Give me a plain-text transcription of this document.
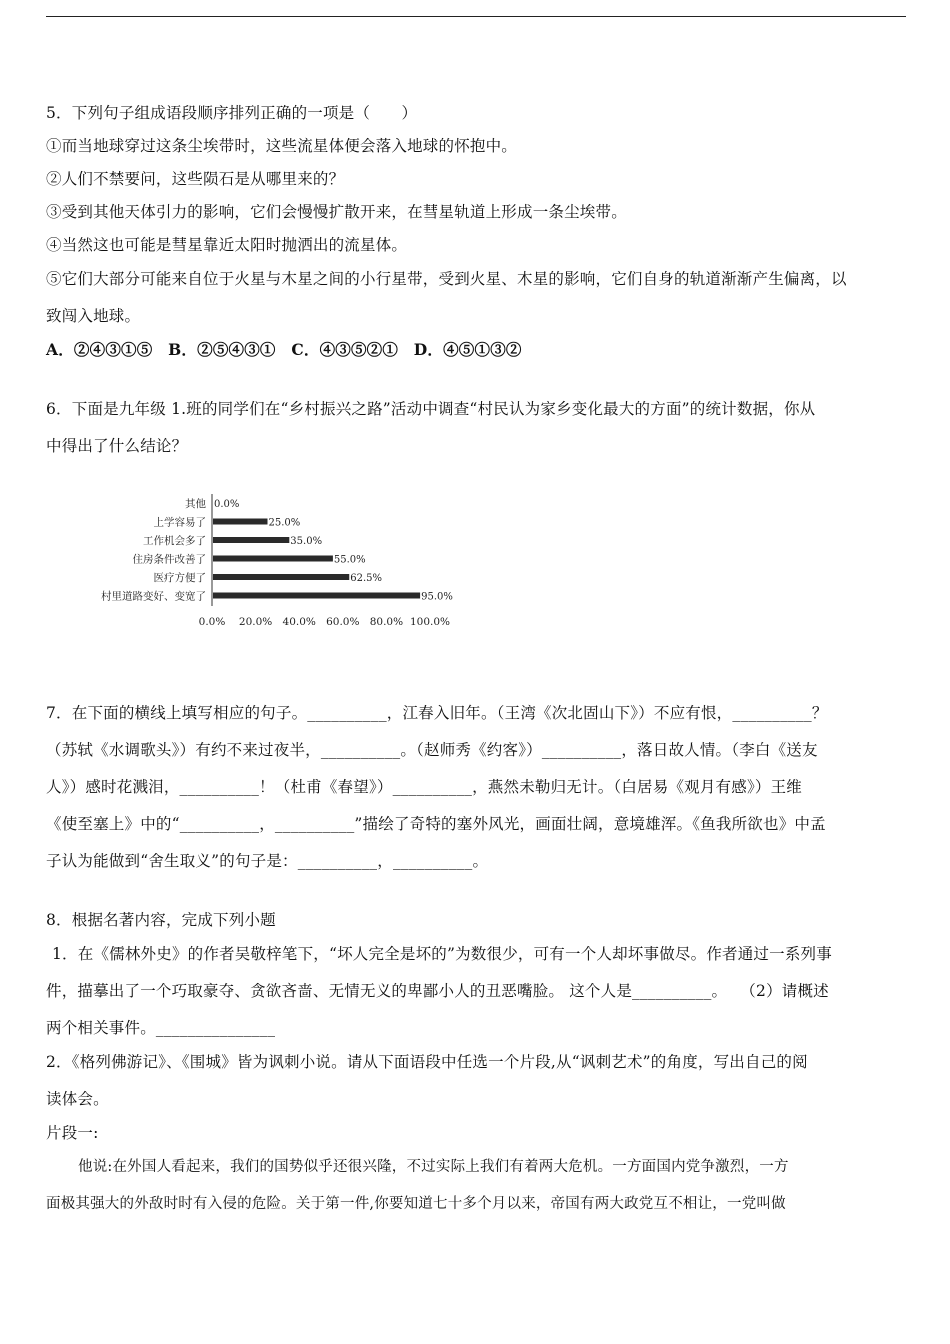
5．下列句子组成语段顺序排列正确的一项是（　　）
①而当地球穿过这条尘埃带时，这些流星体便会落入地球的怀抱中。
②人们不禁要问，这些陨石是从哪里来的？
③受到其他天体引力的影响，它们会慢慢扩散开来，在彗星轨道上形成一条尘埃带。
④当然这也可能是彗星靠近太阳时抛洒出的流星体。
⑤它们大部分可能来自位于火星与木星之间的小行星带，受到火星、木星的影响，它们自身的轨道渐渐产生偏离，以
致闯入地球。
A．②④③①⑤　B．②⑤④③①　C．④③⑤②①　D．④⑤①③②
6．下面是九年级 1.班的同学们在“乡村振兴之路”活动中调查“村民认为家乡变化最大的方面”的统计数据，你从
中得出了什么结论？
其他 0.0%
上学容易了	25.0%
工作机会多了	35.0%
住房条件改善了	55.0%
医疗方便了	62.5%
村里道路变好、变宽了	95.0%
0.0% 20.0% 40.0% 60.0% 80.0% 100.0%
7．在下面的横线上填写相应的句子。__________，江春入旧年。（王湾《次北固山下》）不应有恨，__________？
（苏轼《水调歌头》）有约不来过夜半，__________。（赵师秀《约客》）__________，落日故人情。（李白《送友
人》）感时花溅泪，__________！（杜甫《春望》）__________，燕然未勒归无计。（白居易《观月有感》）王维
《使至塞上》中的“__________，__________”描绘了奇特的塞外风光，画面壮阔，意境雄浑。《鱼我所欲也》中孟
子认为能做到“舍生取义”的句子是：__________，__________。
8．根据名著内容，完成下列小题
1．在《儒林外史》的作者吴敬梓笔下，“坏人完全是坏的”为数很少，可有一个人却坏事做尽。作者通过一系列事
件，描摹出了一个巧取豪夺、贪欲吝啬、无情无义的卑鄙小人的丑恶嘴脸。 这个人是__________。　 （2）请概述
两个相关事件。_______________
2．《格列佛游记》、《围城》皆为讽刺小说。请从下面语段中任选一个片段,从“讽刺艺术”的角度，写出自己的阅
读体会。
片段一:
他说:在外国人看起来，我们的国势似乎还很兴隆，不过实际上我们有着两大危机。一方面国内党争激烈，一方
面极其强大的外敌时时有入侵的危险。关于第一件,你要知道七十多个月以来，帝国有两大政党互不相让，一党叫做
